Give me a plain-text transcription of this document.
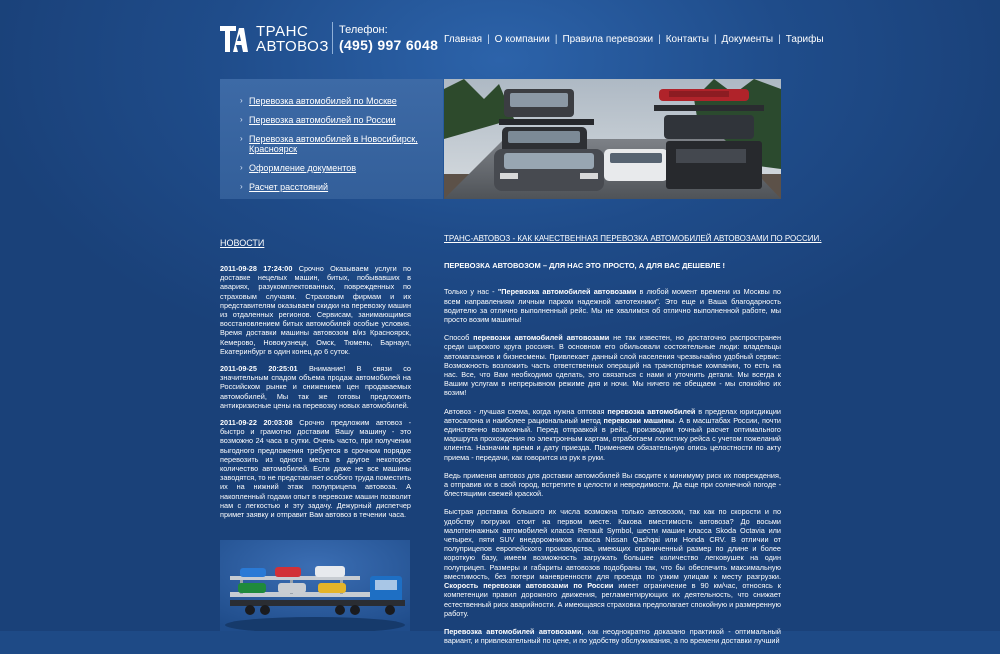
ТРАНС
АВТОВОЗ
Телефон:
(495) 997 6048 Главная | О компании | Правила перевозки | Контакты | Документы | Тарифы
› Перевозка автомобилей по Москве
› Перевозка автомобилей по России
› Перевозка автомобилей в Новосибирск, Красноярск
› Оформление документов
› Расчет расстояний
НОВОСТИ

2011-09-28 17:24:00 Срочно Оказываем услуги по доставке нецелых машин, битых, побывавших в авариях, разукомплектованных, поврежденных по страховым случаям. Страховым фирмам и их представителям оказываем скидки на перевозку машин из отдаленных регионов. Сервисам, занимающимся восстановлением битых автомобилей особые условия. Время доставки машины автовозом в/из Красноярск, Кемерово, Новокузнецк, Омск, Тюмень, Барнаул, Екатеринбург в один конец до 6 суток.

2011-09-25 20:25:01 Внимание! В связи со значительным спадом объема продаж автомобилей на Российском рынке и снижением цен продаваемых автомобилей, Мы так же готовы предложить антикризисные цены на перевозку новых автомобилей.

2011-09-22 20:03:08 Срочно предложим автовоз - быстро и грамотно доставим Вашу машину - это возможно 24 часа в сутки. Очень часто, при получении выгодного предложения требуется в срочном порядке перевозить из одного места в другое некоторое количество автомобилей. Если даже не все машины заводятся, то не представляет особого труда поместить их на нижний этаж полуприцепа автовоза. А накопленный годами опыт в перевозке машин позволит нам с легкостью и эту задачу. Дежурный диспетчер примет заявку и отправит Вам автовоз в течении часа.

ТРАНС-АВТОВОЗ - КАК КАЧЕСТВЕННАЯ ПЕРЕВОЗКА АВТОМОБИЛЕЙ АВТОВОЗАМИ ПО РОССИИ.
ПЕРЕВОЗКА АВТОВОЗОМ – ДЛЯ НАС ЭТО ПРОСТО, А ДЛЯ ВАС ДЕШЕВЛЕ !

Только у нас - "Перевозка автомобилей автовозами в любой момент времени из Москвы по всем направлениям личным парком надежной автотехники". Это еще и Ваша благодарность водителю за отлично выполненный рейс. Мы не хвалимся об отлично выполненной работе, мы просто возим машины!

Способ перевозки автомобилей автовозами не так известен, но достаточно распространен среди широкого круга россиян. В основном его обильовали состоятельные люди: владельцы автомагазинов и бизнесмены. Привлекает данный слой населения чрезвычайно удобный сервис: Возможность возложить часть ответственных операций на транспортные компании, то есть на нас. Все, что Вам необходимо сделать, это связаться с нами и уточнить детали. Мы всегда к Вашим услугам в непрерывном режиме дня и ночи. Мы ничего не обещаем - мы спокойно их возим!

Автовоз - лучшая схема, когда нужна оптовая перевозка автомобилей в пределах юрисдикции автосалона и наиболее рациональный метод перевозки машины. А в масштабах России, почти единственно возможный. Перед отправкой в рейс, производим точный расчет оптимального маршрута прохождения по электронным картам, отработаем логистику рейса с учетом пожеланий клиента. Назначим время и дату приезда. Применяем обязательную опись целостности по акту приема - передачи, как говорится из рук в руки.

Ведь применяя автовоз для доставки автомобилей Вы сводите к минимуму риск их повреждения, а отправив их в свой город, встретите в целости и невредимости. Да еще при солнечной погоде - блестящими свежей краской.

Быстрая доставка большого их числа возможна только автовозом, так как по скорости и по удобству погрузки стоит на первом месте. Какова вместимость автовоза? До восьми малотоннажных автомобилей класса Renault Symbol, шести машин класса Skoda Octavia или четырех, пяти SUV внедорожников класса Nissan Qashqai или Honda CRV. В отличии от полуприцепов европейского производства, имеющих ограниченный размер по длине и более короткую базу, имеем возможность загружать большее количество легковушек на один полуприцеп. Размеры и габариты автовозов подобраны так, что бы обеспечить максимальную вместимость, без потери маневренности для проезда по узким улицам к месту разгрузки. Скорость перевозки автовозами по России имеет ограничение в 90 км/час, относясь к компетенции правил дорожного движения, регламентирующих их деятельность, что снижает естественный риск аварийности. А имеющаяся страховка предполагает спокойную и размеренную работу.

Перевозка автомобилей автовозами, как неоднократно доказано практикой - оптимальный вариант, и привлекательный по цене, и по удобству обслуживания, а по времени доставки лучший
